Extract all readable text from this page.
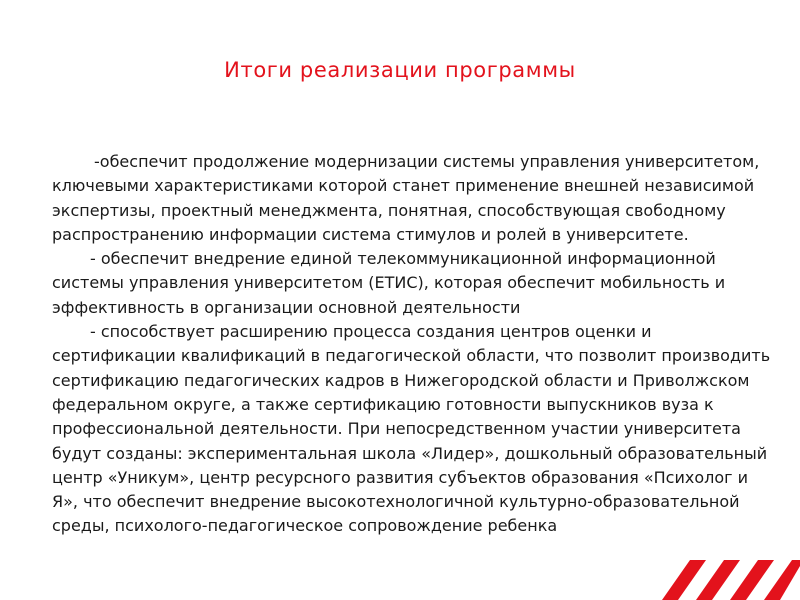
Итоги реализации программы

-обеспечит продолжение модернизации системы управления университетом, ключевыми характеристиками которой станет применение внешней независимой экспертизы, проектный менеджмента, понятная, способствующая свободному распространению информации система стимулов и ролей в университете.

- обеспечит внедрение единой телекоммуникационной информационной системы управления университетом (ЕТИС), которая обеспечит мобильность и эффективность в организации основной деятельности

- способствует расширению процесса создания центров оценки и сертификации квалификаций в педагогической области, что позволит производить сертификацию педагогических кадров в Нижегородской области и Приволжском федеральном округе, а также сертификацию готовности выпускников вуза к профессиональной деятельности. При непосредственном участии университета будут созданы: экспериментальная школа «Лидер», дошкольный образовательный центр «Уникум», центр ресурсного развития субъектов образования «Психолог и Я», что обеспечит внедрение высокотехнологичной культурно-образовательной среды, психолого-педагогическое сопровождение ребенка
